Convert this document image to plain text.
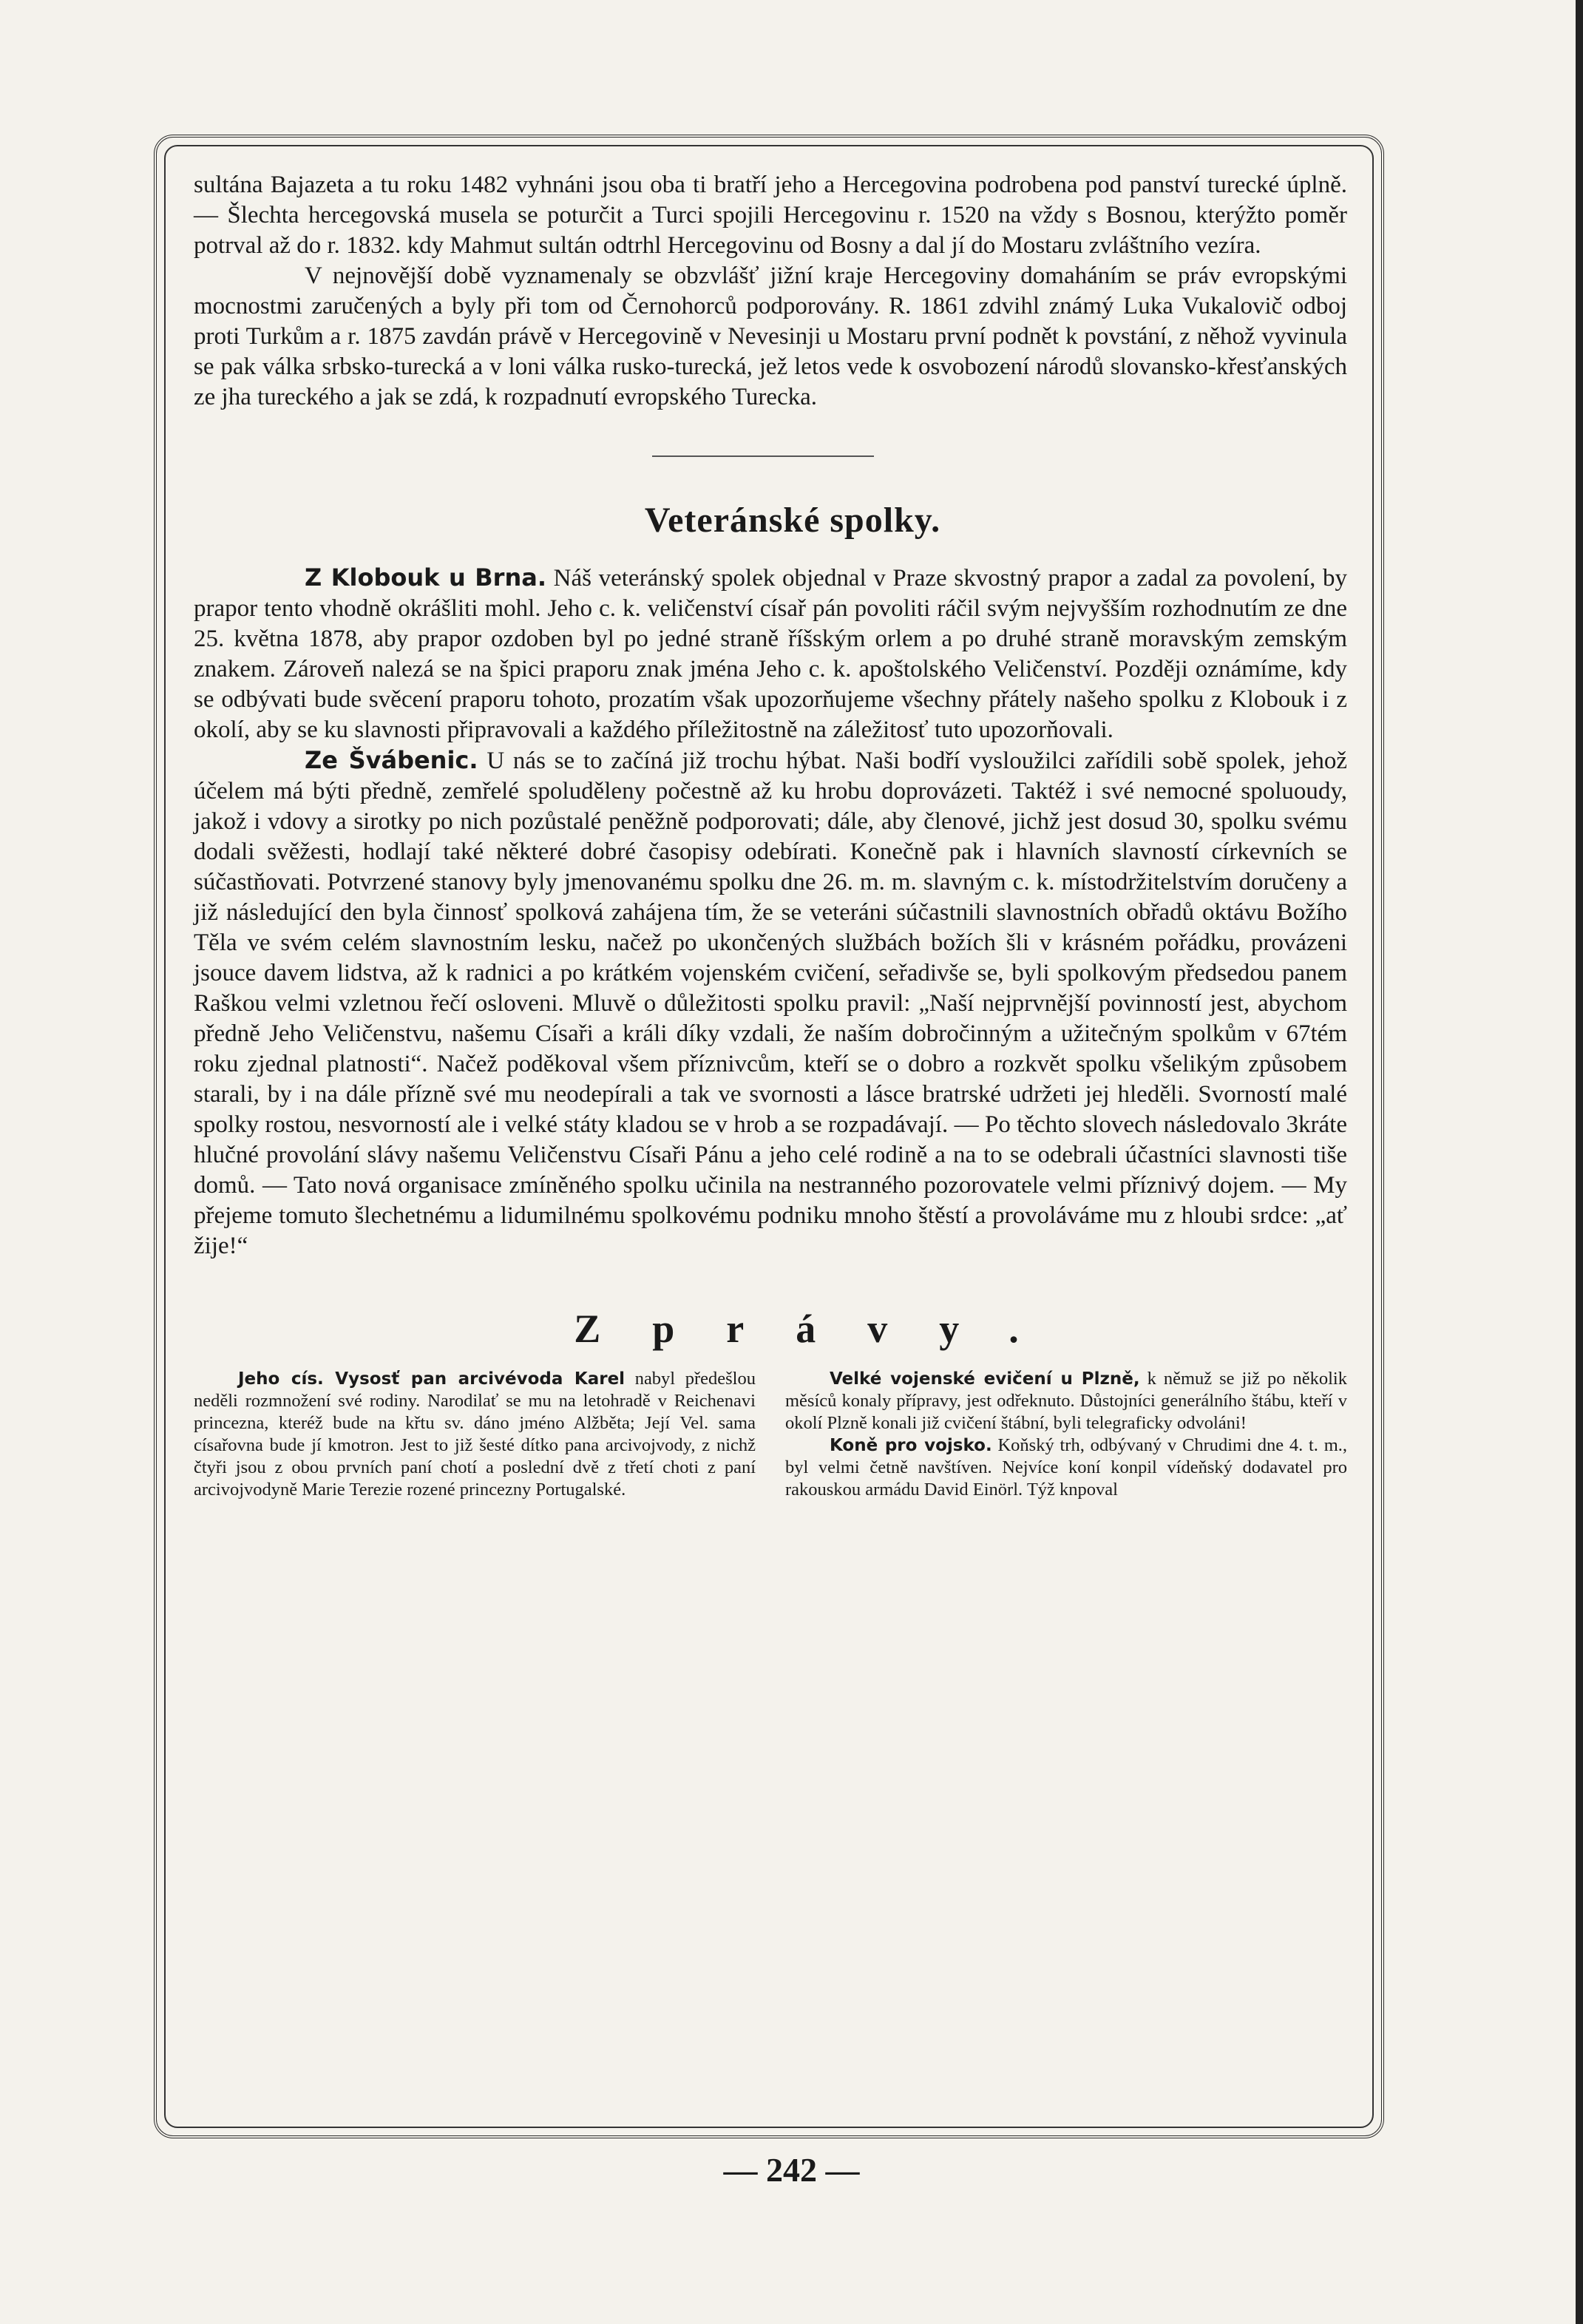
sultána Bajazeta a tu roku 1482 vyhnáni jsou oba ti bratří jeho a Hercegovina podrobena pod panství turecké úplně. — Šlechta hercegovská musela se poturčit a Turci spojili Hercegovinu r. 1520 na vždy s Bosnou, kterýžto poměr potrval až do r. 1832. kdy Mahmut sultán odtrhl Hercegovinu od Bosny a dal jí do Mostaru zvláštního vezíra.

V nejnovější době vyznamenaly se obzvlášť jižní kraje Hercegoviny domaháním se práv evropskými mocnostmi zaručených a byly při tom od Černohorců podporovány. R. 1861 zdvihl známý Luka Vukalovič odboj proti Turkům a r. 1875 zavdán právě v Hercegovině v Nevesinji u Mostaru první podnět k povstání, z něhož vyvinula se pak válka srbsko-turecká a v loni válka rusko-turecká, jež letos vede k osvobození národů slovansko-křesťanských ze jha tureckého a jak se zdá, k rozpadnutí evropského Turecka.

Veteránské spolky.

Z Klobouk u Brna. Náš veteránský spolek objednal v Praze skvostný prapor a zadal za povolení, by prapor tento vhodně okrášliti mohl. Jeho c. k. veličenství císař pán povoliti ráčil svým nejvyšším rozhodnutím ze dne 25. května 1878, aby prapor ozdoben byl po jedné straně říšským orlem a po druhé straně moravským zemským znakem. Zároveň nalezá se na špici praporu znak jména Jeho c. k. apoštolského Veličenství. Později oznámíme, kdy se odbývati bude svěcení praporu tohoto, prozatím však upozorňujeme všechny přátely našeho spolku z Klobouk i z okolí, aby se ku slavnosti připravovali a každého příležitostně na záležitosť tuto upozorňovali.

Ze Švábenic. U nás se to začíná již trochu hýbat. Naši bodří vysloužilci zařídili sobě spolek, jehož účelem má býti předně, zemřelé spoluděleny počestně až ku hrobu doprovázeti. Taktéž i své nemocné spoluoudy, jakož i vdovy a sirotky po nich pozůstalé peněžně podporovati; dále, aby členové, jichž jest dosud 30, spolku svému dodali svěžesti, hodlají také některé dobré časopisy odebírati. Konečně pak i hlavních slavností církevních se súčastňovati. Potvrzené stanovy byly jmenovanému spolku dne 26. m. m. slavným c. k. místodržitelstvím doručeny a již následující den byla činnosť spolková zahájena tím, že se veteráni súčastnili slavnostních obřadů oktávu Božího Těla ve svém celém slavnostním lesku, načež po ukončených službách božích šli v krásném pořádku, provázeni jsouce davem lidstva, až k radnici a po krátkém vojenském cvičení, seřadivše se, byli spolkovým předsedou panem Raškou velmi vzletnou řečí osloveni. Mluvě o důležitosti spolku pravil: „Naší nejprvnější povinností jest, abychom předně Jeho Veličenstvu, našemu Císaři a králi díky vzdali, že naším dobročinným a užitečným spolkům v 67tém roku zjednal platnosti“. Načež poděkoval všem příznivcům, kteří se o dobro a rozkvět spolku všelikým způsobem starali, by i na dále přízně své mu neodepírali a tak ve svornosti a lásce bratrské udržeti jej hleděli. Svorností malé spolky rostou, nesvorností ale i velké státy kladou se v hrob a se rozpadávají. — Po těchto slovech následovalo 3kráte hlučné provolání slávy našemu Veličenstvu Císaři Pánu a jeho celé rodině a na to se odebrali účastníci slavnosti tiše domů. — Tato nová organisace zmíněného spolku učinila na nestranného pozorovatele velmi příznivý dojem. — My přejeme tomuto šlechetnému a lidumilnému spolkovému podniku mnoho štěstí a provoláváme mu z hloubi srdce: „ať žije!“

Zprávy.

Jeho cís. Vysosť pan arcivévoda Karel nabyl předešlou neděli rozmnožení své rodiny. Narodilať se mu na letohradě v Reichenavi princezna, kteréž bude na křtu sv. dáno jméno Alžběta; Její Vel. sama císařovna bude jí kmotron. Jest to již šesté dítko pana arcivojvody, z nichž čtyři jsou z obou prvních paní chotí a poslední dvě z třetí choti z paní arcivojvodyně Marie Terezie rozené princezny Portugalské.

Velké vojenské evičení u Plzně, k němuž se již po několik měsíců konaly přípravy, jest odřeknuto. Důstojníci generálního štábu, kteří v okolí Plzně konali již cvičení štábní, byli telegraficky odvoláni!

Koně pro vojsko. Koňský trh, odbývaný v Chrudimi dne 4. t. m., byl velmi četně navštíven. Nejvíce koní konpil vídeňský dodavatel pro rakouskou armádu David Einörl. Týž knpoval

— 242 —
